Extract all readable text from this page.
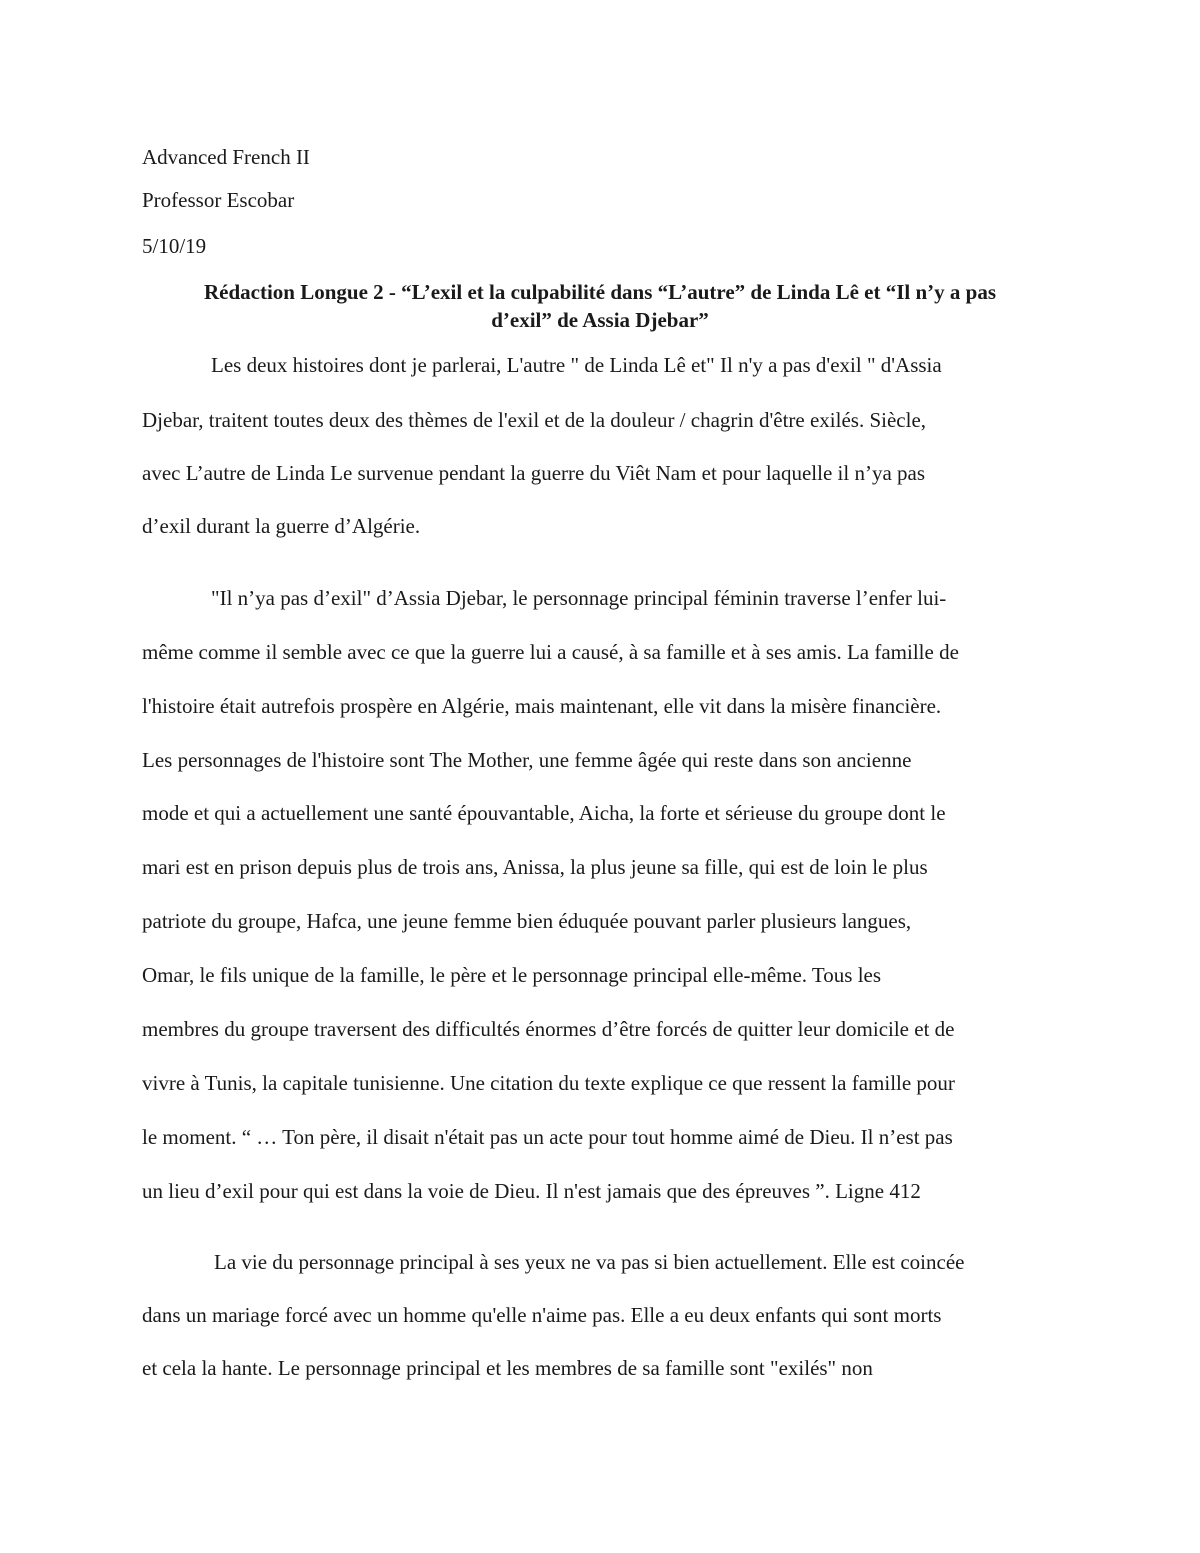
Advanced French II
Professor Escobar
5/10/19
Rédaction Longue 2 - “L’exil et la culpabilité dans “L’autre” de Linda Lê et “Il n’y a pas
d’exil” de Assia Djebar”
Les deux histoires dont je parlerai, L'autre " de Linda Lê et" Il n'y a pas d'exil " d'Assia
Djebar, traitent toutes deux des thèmes de l'exil et de la douleur / chagrin d'être exilés. Siècle,
avec L’autre de Linda Le survenue pendant la guerre du Viêt Nam et pour laquelle il n’ya pas
d’exil durant la guerre d’Algérie.
"Il n’ya pas d’exil" d’Assia Djebar, le personnage principal féminin traverse l’enfer lui-
même comme il semble avec ce que la guerre lui a causé, à sa famille et à ses amis. La famille de
l'histoire était autrefois prospère en Algérie, mais maintenant, elle vit dans la misère financière.
Les personnages de l'histoire sont The Mother, une femme âgée qui reste dans son ancienne
mode et qui a actuellement une santé épouvantable, Aicha, la forte et sérieuse du groupe dont le
mari est en prison depuis plus de trois ans, Anissa, la plus jeune sa fille, qui est de loin le plus
patriote du groupe, Hafca, une jeune femme bien éduquée pouvant parler plusieurs langues,
Omar, le fils unique de la famille, le père et le personnage principal elle-même. Tous les
membres du groupe traversent des difficultés énormes d’être forcés de quitter leur domicile et de
vivre à Tunis, la capitale tunisienne. Une citation du texte explique ce que ressent la famille pour
le moment. “ … Ton père, il disait n'était pas un acte pour tout homme aimé de Dieu. Il n’est pas
un lieu d’exil pour qui est dans la voie de Dieu. Il n'est jamais que des épreuves ”. Ligne 412
La vie du personnage principal à ses yeux ne va pas si bien actuellement. Elle est coincée
dans un mariage forcé avec un homme qu'elle n'aime pas. Elle a eu deux enfants qui sont morts
et cela la hante. Le personnage principal et les membres de sa famille sont "exilés" non
